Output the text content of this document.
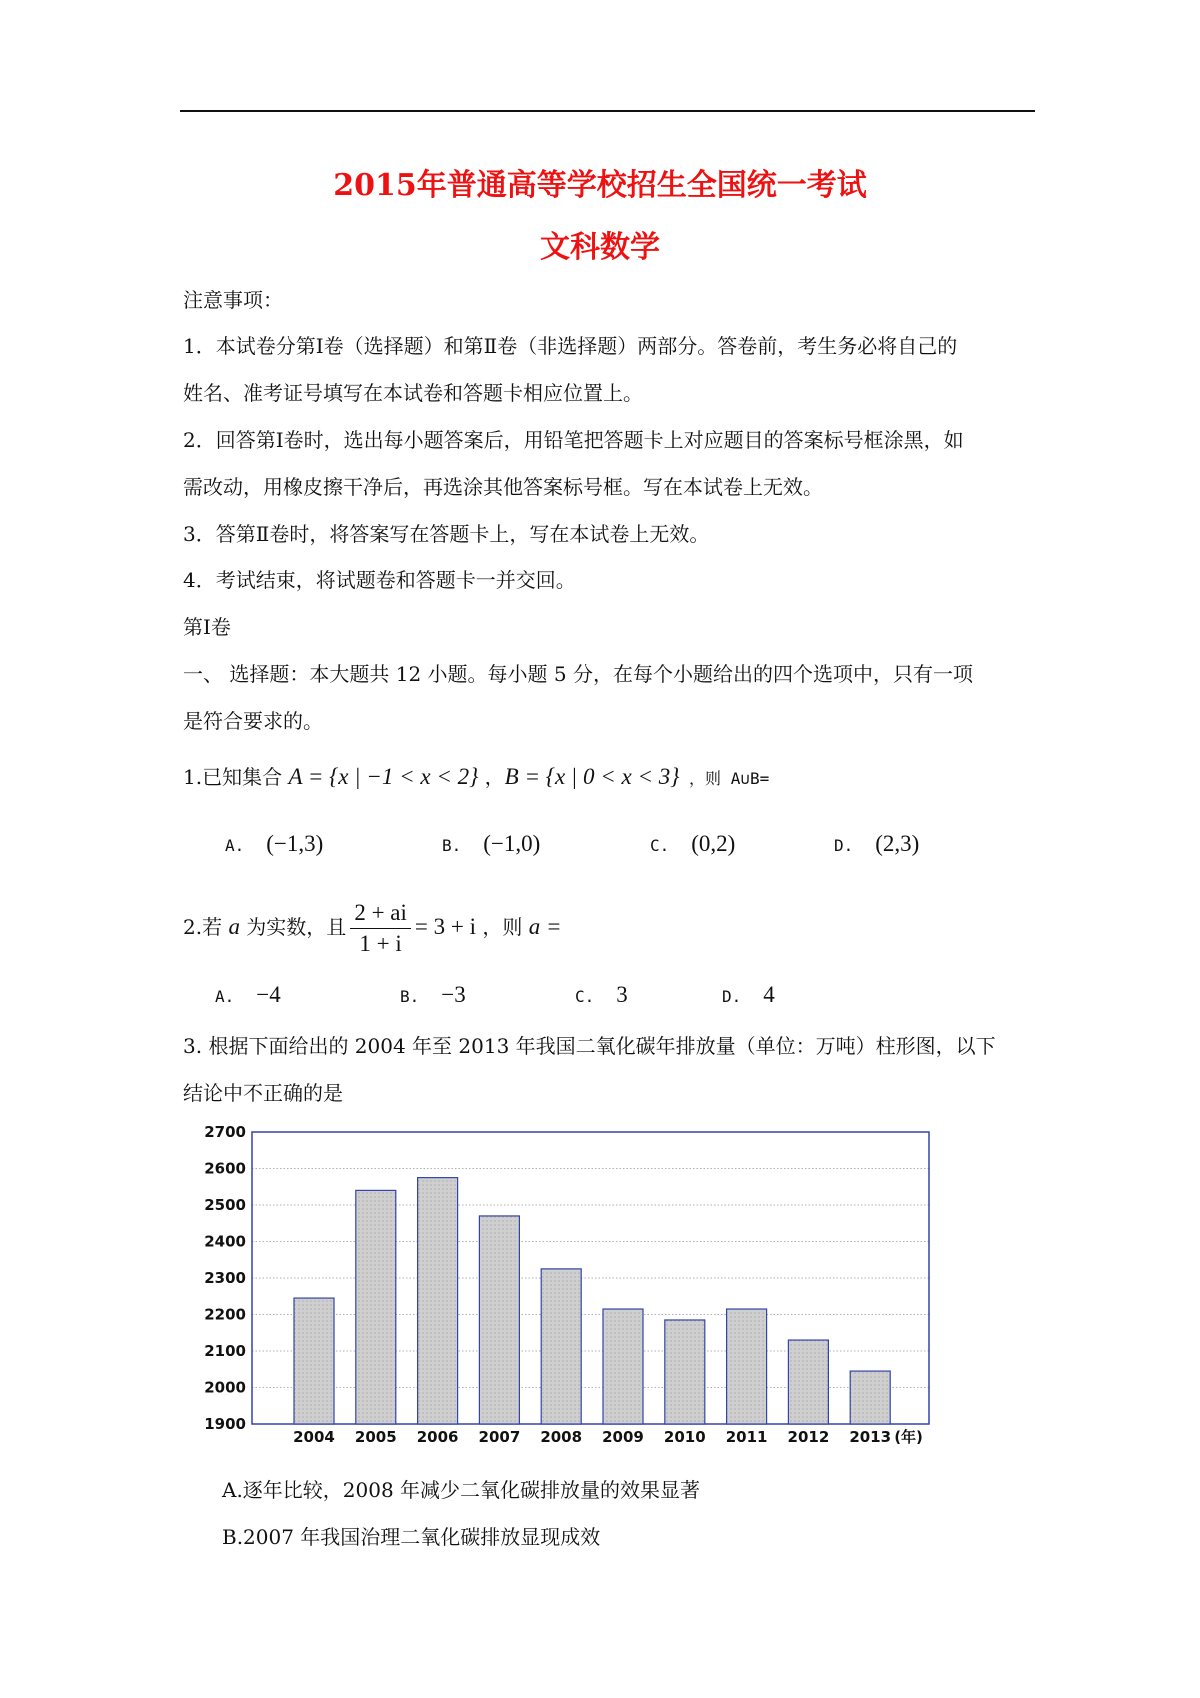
2015年普通高等学校招生全国统一考试
文科数学
注意事项：
1．本试卷分第Ⅰ卷（选择题）和第Ⅱ卷（非选择题）两部分。答卷前，考生务必将自己的
姓名、准考证号填写在本试卷和答题卡相应位置上。
2．回答第Ⅰ卷时，选出每小题答案后，用铅笔把答题卡上对应题目的答案标号框涂黑，如
需改动，用橡皮擦干净后，再选涂其他答案标号框。写在本试卷上无效。
3．答第Ⅱ卷时，将答案写在答题卡上，写在本试卷上无效。
4．考试结束，将试题卷和答题卡一并交回。
第Ⅰ卷
一、 选择题：本大题共 12 小题。每小题 5 分，在每个小题给出的四个选项中，只有一项
是符合要求的。
1.已知集合 A = {x | −1 < x < 2} ，B = {x | 0 < x < 3} ，则 A∪B=
A. (−1,3)	B. (−1,0)	C. (0,2)	D. (2,3)
2.若 a 为实数，且 $\frac{2 + ai}{1 + i} = 3 + i$ ，则 a =
A. −4	B. −3	C. 3	D. 4
3. 根据下面给出的 2004 年至 2013 年我国二氧化碳年排放量（单位：万吨）柱形图，以下
结论中不正确的是
1900
2000
2100
2200
2300
2400
2500
2600
2700
2004 2005 2006 2007 2008 2009 2010 2011 2012 2013 (年)
A.逐年比较，2008 年减少二氧化碳排放量的效果显著
B.2007 年我国治理二氧化碳排放显现成效
